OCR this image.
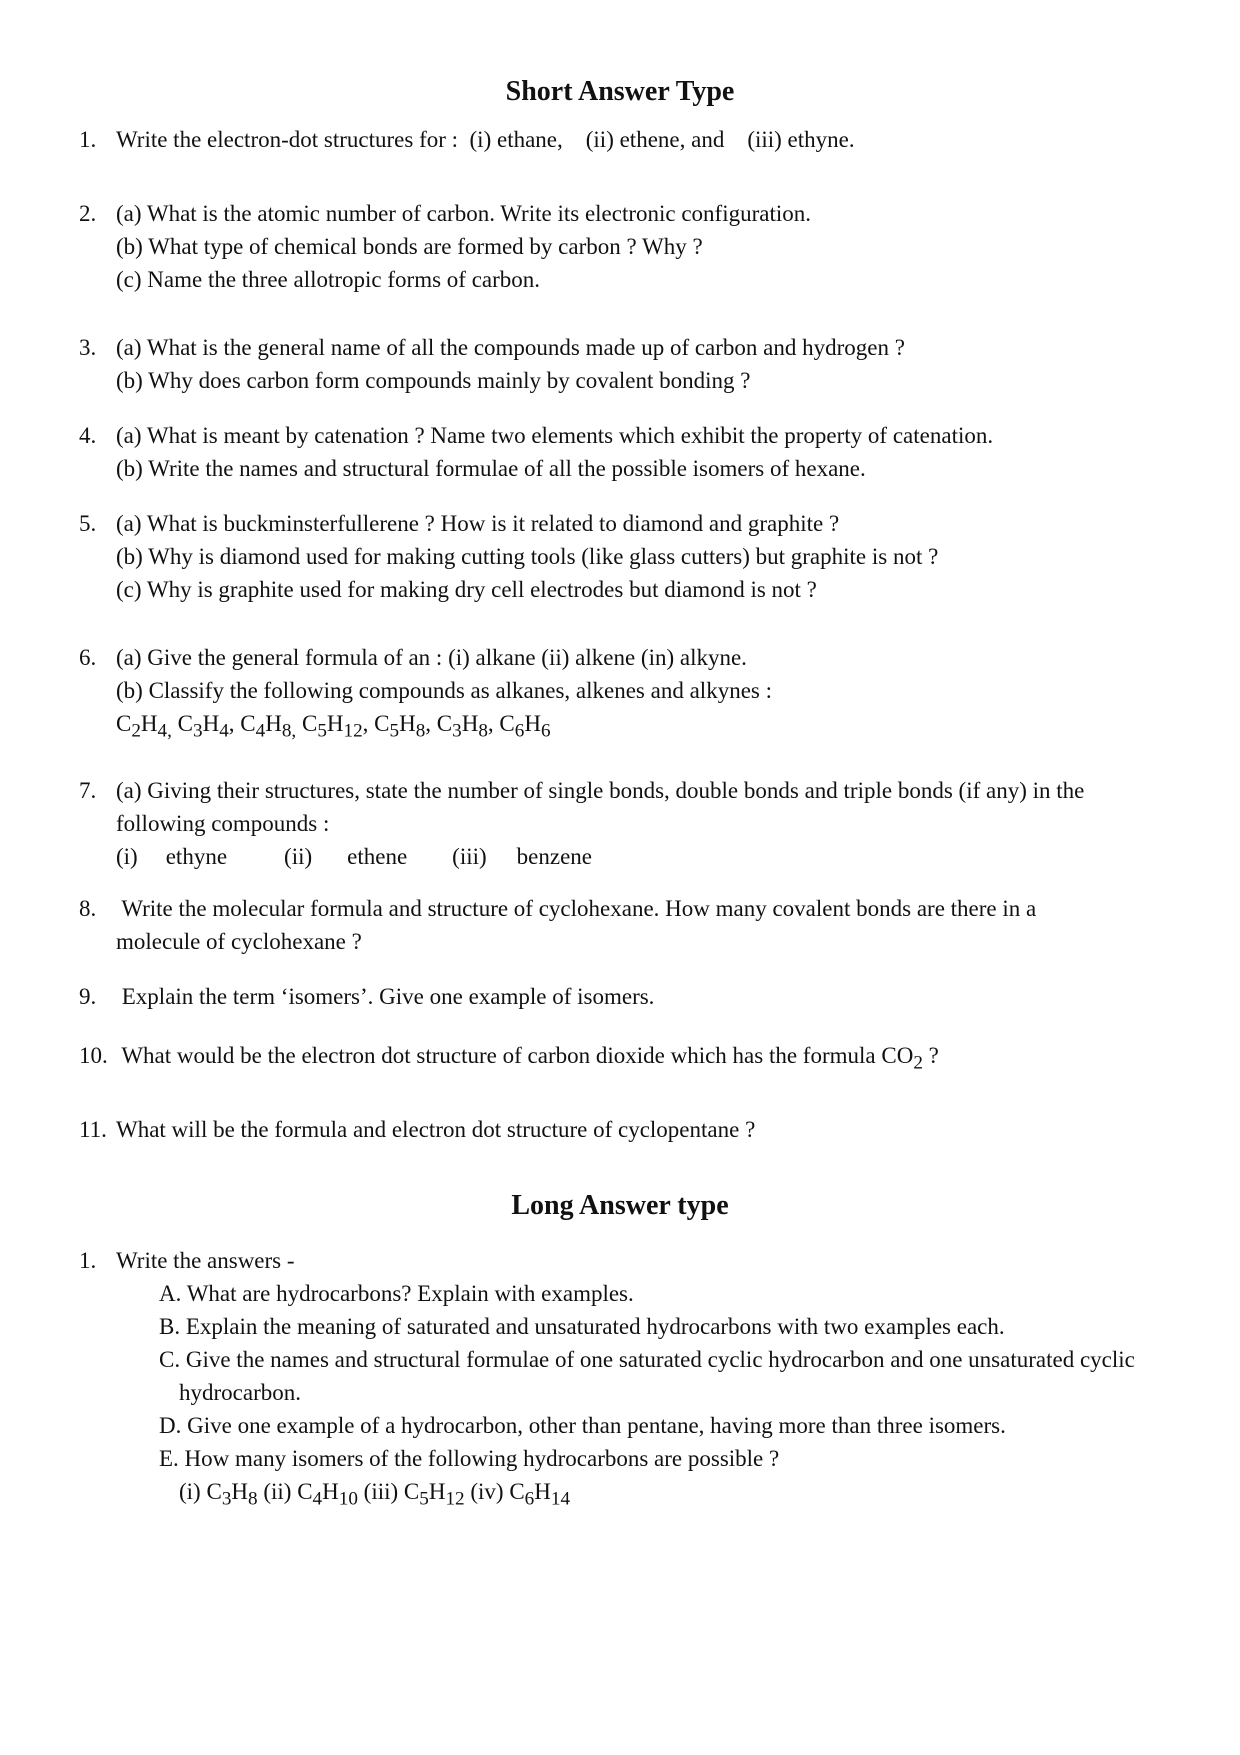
Short Answer Type
1. Write the electron-dot structures for :  (i) ethane,    (ii) ethene, and    (iii) ethyne.
2. (a) What is the atomic number of carbon. Write its electronic configuration.
(b) What type of chemical bonds are formed by carbon ? Why ?
(c) Name the three allotropic forms of carbon.
3. (a) What is the general name of all the compounds made up of carbon and hydrogen ?
(b) Why does carbon form compounds mainly by covalent bonding ?
4. (a) What is meant by catenation ? Name two elements which exhibit the property of catenation.
(b) Write the names and structural formulae of all the possible isomers of hexane.
5. (a) What is buckminsterfullerene ? How is it related to diamond and graphite ?
(b) Why is diamond used for making cutting tools (like glass cutters) but graphite is not ?
(c) Why is graphite used for making dry cell electrodes but diamond is not ?
6. (a) Give the general formula of an : (i) alkane (ii) alkene (in) alkyne.
(b) Classify the following compounds as alkanes, alkenes and alkynes :
$C_2H_{4,}$ $C_3H_4$, $C_4H_{8,}$ $C_5H_{12}$, $C_5H_8$, $C_3H_8$, $C_6H_6$
7. (a) Giving their structures, state the number of single bonds, double bonds and triple bonds (if any) in the
following compounds :
(i) ethyne (ii) ethene (iii) benzene
8. Write the molecular formula and structure of cyclohexane. How many covalent bonds are there in a
molecule of cyclohexane ?
9. Explain the term ‘isomers’. Give one example of isomers.
10. What would be the electron dot structure of carbon dioxide which has the formula $CO_2$ ?
11. What will be the formula and electron dot structure of cyclopentane ?
Long Answer type
1. Write the answers -
A. What are hydrocarbons? Explain with examples.
B. Explain the meaning of saturated and unsaturated hydrocarbons with two examples each.
C. Give the names and structural formulae of one saturated cyclic hydrocarbon and one unsaturated cyclic
hydrocarbon.
D. Give one example of a hydrocarbon, other than pentane, having more than three isomers.
E. How many isomers of the following hydrocarbons are possible ?
(i) $C_3H_8$ (ii) $C_4H_{10}$ (iii) $C_5H_{12}$ (iv) $C_6H_{14}$
